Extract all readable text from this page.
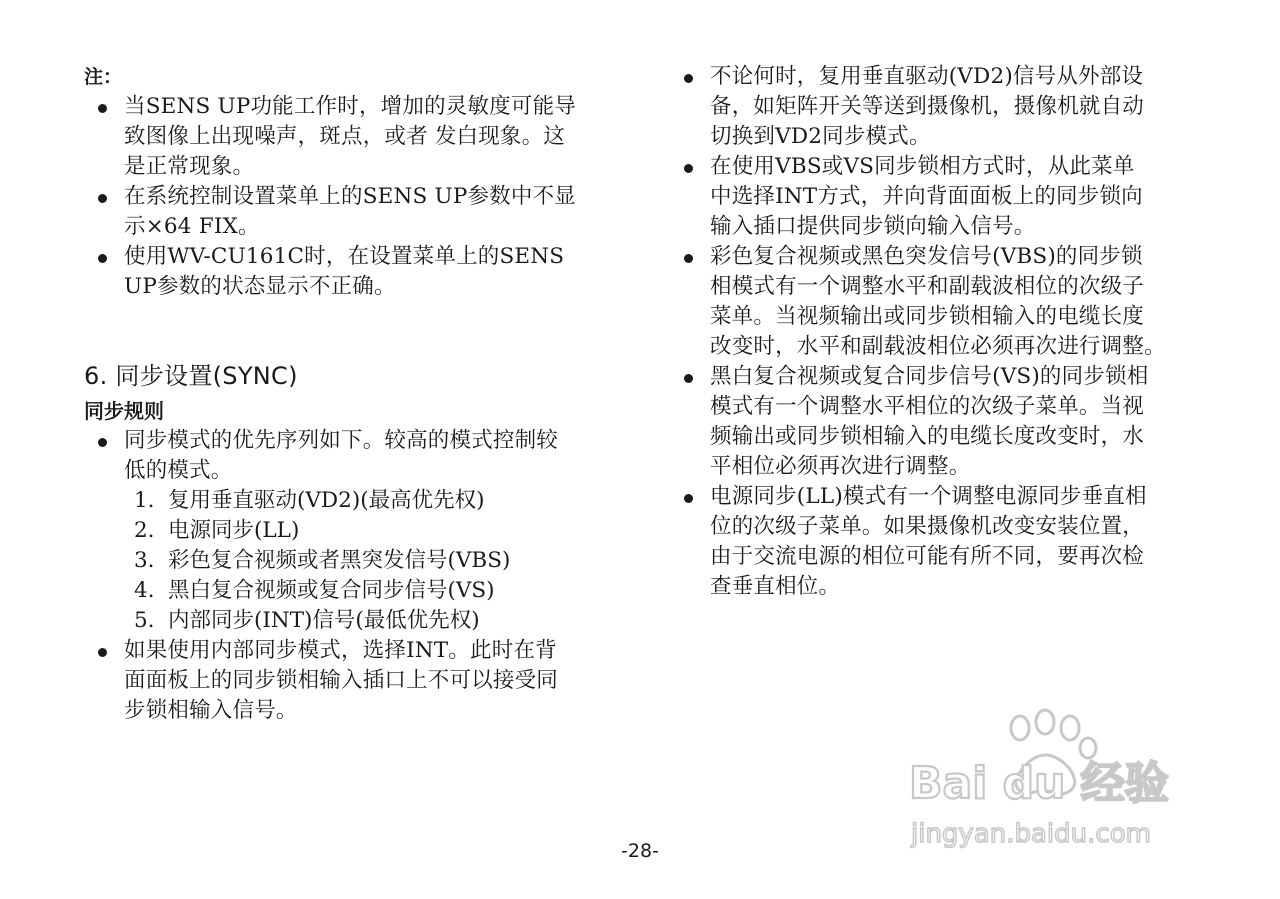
注：
当SENS UP功能工作时，增加的灵敏度可能导
致图像上出现噪声，斑点，或者 发白现象。这
是正常现象。
在系统控制设置菜单上的SENS UP参数中不显
示×64 FIX。
使用WV-CU161C时，在设置菜单上的SENS
UP参数的状态显示不正确。
6. 同步设置(SYNC)
同步规则
同步模式的优先序列如下。较高的模式控制较
低的模式。
1. 复用垂直驱动(VD2)(最高优先权)
2. 电源同步(LL)
3. 彩色复合视频或者黑突发信号(VBS)
4. 黑白复合视频或复合同步信号(VS)
5. 内部同步(INT)信号(最低优先权)
如果使用内部同步模式，选择INT。此时在背
面面板上的同步锁相输入插口上不可以接受同
步锁相输入信号。
不论何时，复用垂直驱动(VD2)信号从外部设
备，如矩阵开关等送到摄像机，摄像机就自动
切换到VD2同步模式。
在使用VBS或VS同步锁相方式时，从此菜单
中选择INT方式，并向背面面板上的同步锁向
输入插口提供同步锁向输入信号。
彩色复合视频或黑色突发信号(VBS)的同步锁
相模式有一个调整水平和副载波相位的次级子
菜单。当视频输出或同步锁相输入的电缆长度
改变时，水平和副载波相位必须再次进行调整。
黑白复合视频或复合同步信号(VS)的同步锁相
模式有一个调整水平相位的次级子菜单。当视
频输出或同步锁相输入的电缆长度改变时，水
平相位必须再次进行调整。
电源同步(LL)模式有一个调整电源同步垂直相
位的次级子菜单。如果摄像机改变安装位置，
由于交流电源的相位可能有所不同，要再次检
查垂直相位。
Bai du 经验
jingyan.baidu.com
-28-
